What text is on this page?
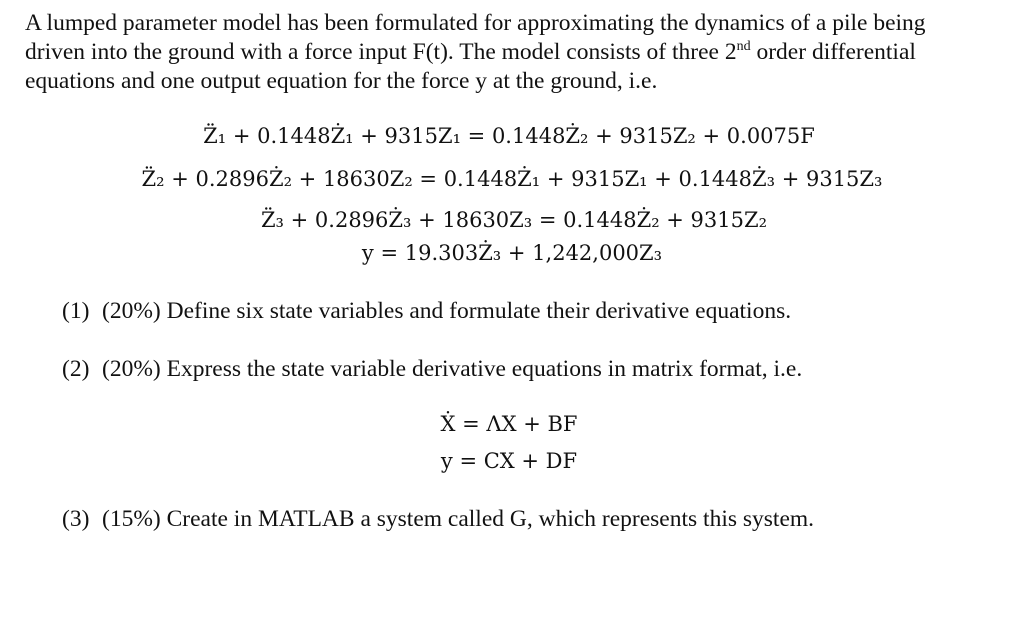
A lumped parameter model has been formulated for approximating the dynamics of a pile being

driven into the ground with a force input F(t). The model consists of three 2nd order differential

equations and one output equation for the force y at the ground, i.e.

Z̈₁ + 0.1448Ż₁ + 9315Z₁ = 0.1448Ż₂ + 9315Z₂ + 0.0075F
Z̈₂ + 0.2896Ż₂ + 18630Z₂ = 0.1448Ż₁ + 9315Z₁ + 0.1448Ż₃ + 9315Z₃
Z̈₃ + 0.2896Ż₃ + 18630Z₃ = 0.1448Ż₂ + 9315Z₂
y = 19.303Ż₃ + 1,242,000Z₃
(1) (20%) Define six state variables and formulate their derivative equations.
(2) (20%) Express the state variable derivative equations in matrix format, i.e.
Ẋ = ΛX + BF
y = CX + DF
(3) (15%) Create in MATLAB a system called G, which represents this system.
